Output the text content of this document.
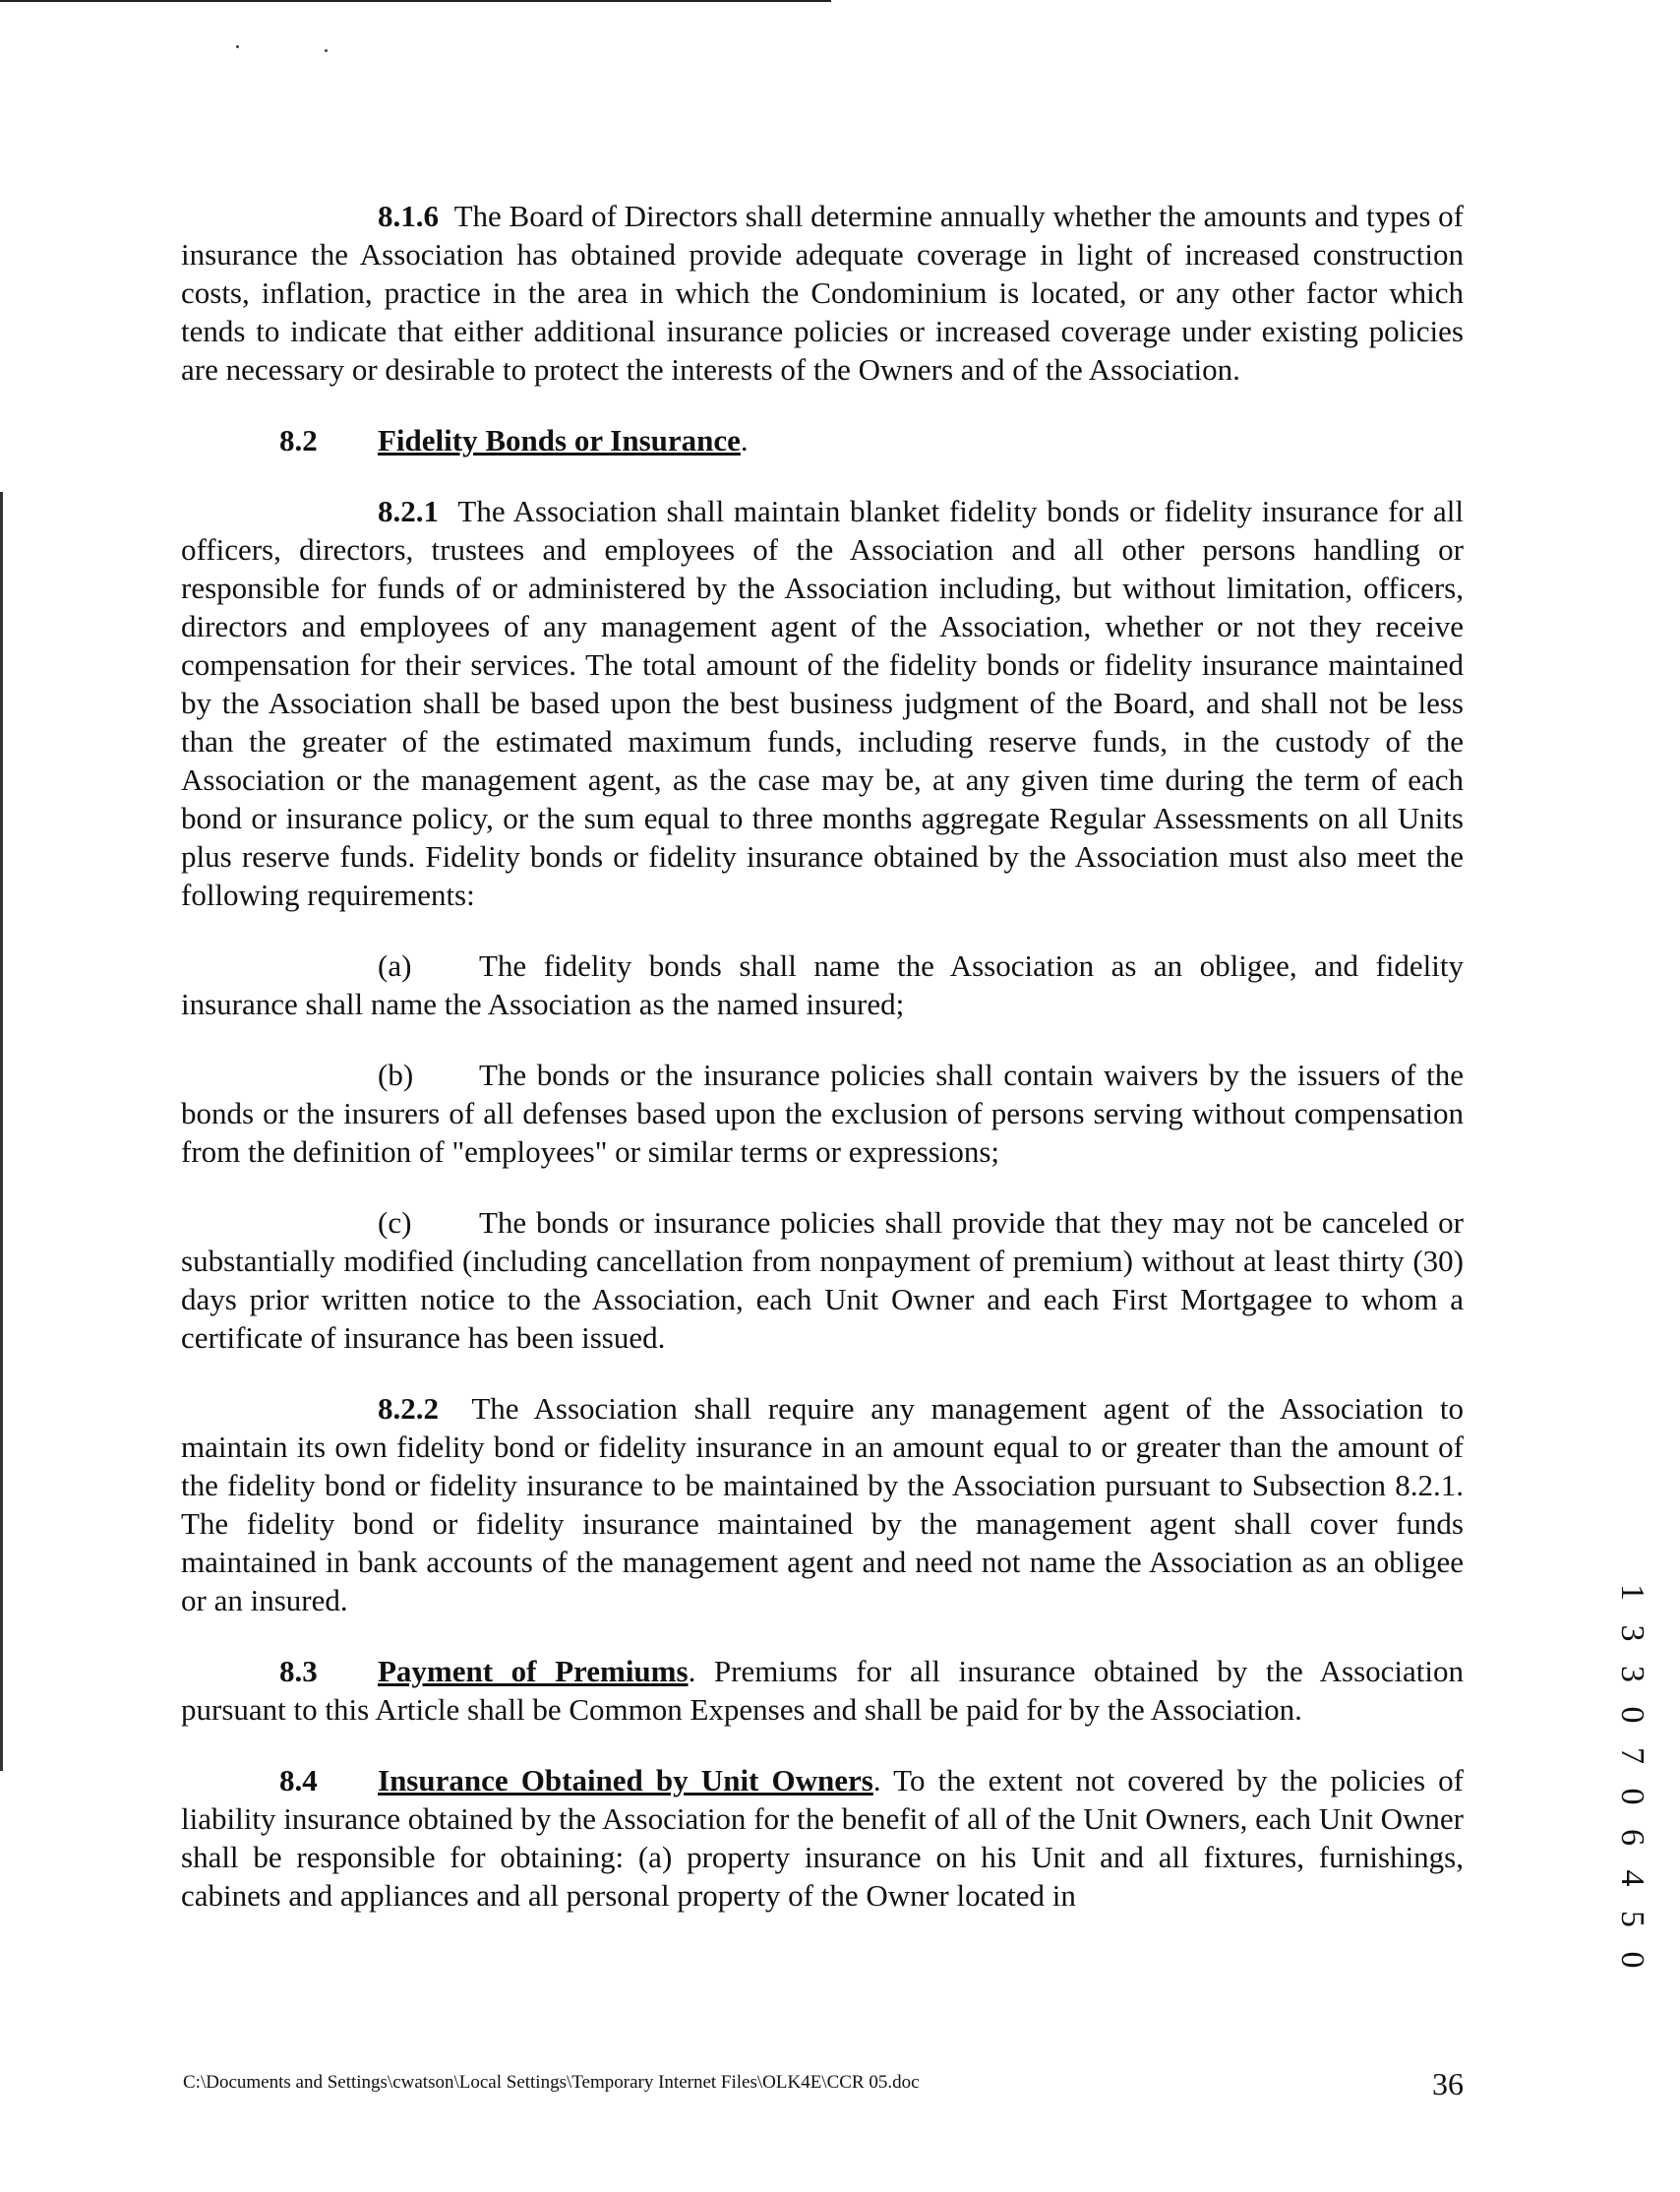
8.1.6 The Board of Directors shall determine annually whether the amounts and types of insurance the Association has obtained provide adequate coverage in light of increased construction costs, inflation, practice in the area in which the Condominium is located, or any other factor which tends to indicate that either additional insurance policies or increased coverage under existing policies are necessary or desirable to protect the interests of the Owners and of the Association.

8.2 Fidelity Bonds or Insurance.

8.2.1 The Association shall maintain blanket fidelity bonds or fidelity insurance for all officers, directors, trustees and employees of the Association and all other persons handling or responsible for funds of or administered by the Association including, but without limitation, officers, directors and employees of any management agent of the Association, whether or not they receive compensation for their services. The total amount of the fidelity bonds or fidelity insurance maintained by the Association shall be based upon the best business judgment of the Board, and shall not be less than the greater of the estimated maximum funds, including reserve funds, in the custody of the Association or the management agent, as the case may be, at any given time during the term of each bond or insurance policy, or the sum equal to three months aggregate Regular Assessments on all Units plus reserve funds. Fidelity bonds or fidelity insurance obtained by the Association must also meet the following requirements:

(a) The fidelity bonds shall name the Association as an obligee, and fidelity insurance shall name the Association as the named insured;

(b) The bonds or the insurance policies shall contain waivers by the issuers of the bonds or the insurers of all defenses based upon the exclusion of persons serving without compensation from the definition of "employees" or similar terms or expressions;

(c) The bonds or insurance policies shall provide that they may not be canceled or substantially modified (including cancellation from nonpayment of premium) without at least thirty (30) days prior written notice to the Association, each Unit Owner and each First Mortgagee to whom a certificate of insurance has been issued.

8.2.2 The Association shall require any management agent of the Association to maintain its own fidelity bond or fidelity insurance in an amount equal to or greater than the amount of the fidelity bond or fidelity insurance to be maintained by the Association pursuant to Subsection 8.2.1. The fidelity bond or fidelity insurance maintained by the management agent shall cover funds maintained in bank accounts of the management agent and need not name the Association as an obligee or an insured.

8.3 Payment of Premiums. Premiums for all insurance obtained by the Association pursuant to this Article shall be Common Expenses and shall be paid for by the Association.

8.4 Insurance Obtained by Unit Owners. To the extent not covered by the policies of liability insurance obtained by the Association for the benefit of all of the Unit Owners, each Unit Owner shall be responsible for obtaining: (a) property insurance on his Unit and all fixtures, furnishings, cabinets and appliances and all personal property of the Owner located in	1 3 3 0 7 0 6 4 5 0
C:\Documents and Settings\cwatson\Local Settings\Temporary Internet Files\OLK4E\CCR 05.doc	36
